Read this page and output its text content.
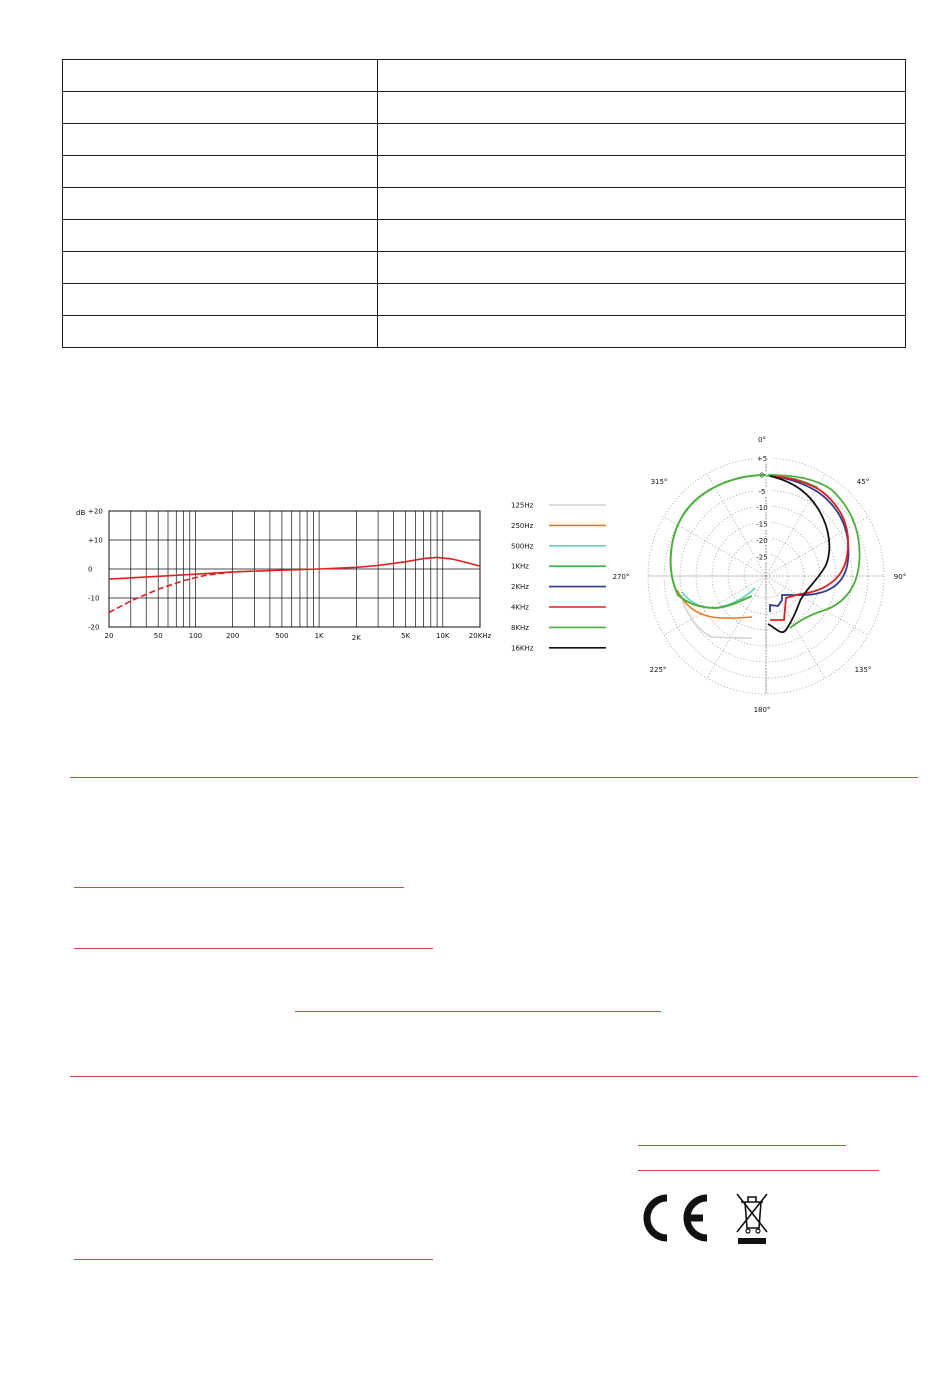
+20
+10
0
-10
-20
20	50	100	200	500	1K	2K	5K	10K	20KHz
dB
125Hz
250Hz
500Hz
1KHz
2KHz
4KHz
8KHz
16KHz
0°
45°
90°
135°
180°
225°
270°
315°
+5
0
-5
-10
-15
-20
-25
CE
